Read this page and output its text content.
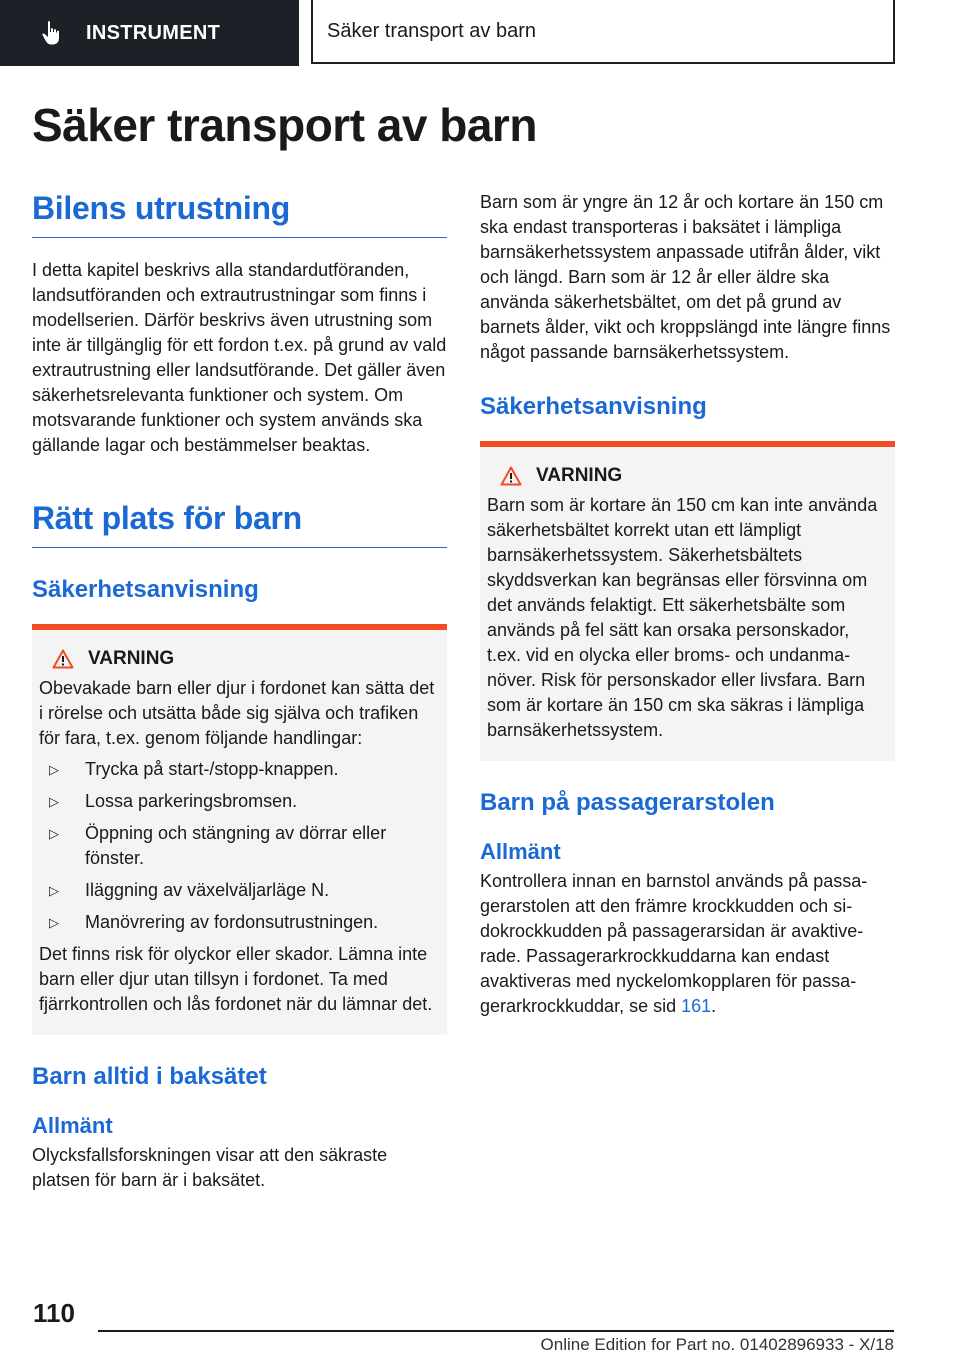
INSTRUMENT	Säker transport av barn
Säker transport av barn
Bilens utrustning

I detta kapitel beskrivs alla standardutföranden, landsutföranden och extrautrustningar som finns i modellserien. Därför beskrivs även utrustning som inte är tillgänglig för ett fordon t.ex. på grund av vald extrautrustning eller landsutförande. Det gäller även säkerhetsrelevanta funktioner och system. Om motsvarande funktioner och system används ska gällande lagar och bestämmelser beaktas.

Rätt plats för barn
Säkerhetsanvisning
VARNING

Obevakade barn eller djur i fordonet kan sätta det i rörelse och utsätta både sig själva och trafiken för fara, t.ex. genom följande handlingar:

▷	Trycka på start-/stopp-knappen.
▷	Lossa parkeringsbromsen.
▷	Öppning och stängning av dörrar eller fönster.
▷	Iläggning av växelväljarläge N.
▷	Manövrering av fordonsutrustningen.

Det finns risk för olyckor eller skador. Lämna inte barn eller djur utan tillsyn i fordonet. Ta med fjärrkontrollen och lås fordonet när du lämnar det.

Barn alltid i baksätet
Allmänt

Olycksfallsforskningen visar att den säkraste platsen för barn är i baksätet.

Barn som är yngre än 12 år och kortare än 150 cm ska endast transporteras i baksätet i lämpliga barnsäkerhetssystem anpassade utifrån ålder, vikt och längd. Barn som är 12 år eller äldre ska använda säkerhetsbältet, om det på grund av barnets ålder, vikt och kroppslängd inte längre finns något passande barnsäkerhetssystem.

Säkerhetsanvisning
VARNING

Barn som är kortare än 150 cm kan inte använda säkerhetsbältet korrekt utan ett lämpligt barnsäkerhetssystem. Säkerhetsbältets skyddsverkan kan begränsas eller försvinna om det används felaktigt. Ett säkerhetsbälte som används på fel sätt kan orsaka personskador, t.ex. vid en olycka eller broms- och undanmanöver. Risk för personskador eller livsfara. Barn som är kortare än 150 cm ska säkras i lämpliga barnsäkerhetssystem.

Barn på passagerarstolen
Allmänt

Kontrollera innan en barnstol används på passagerarstolen att den främre krockkudden och sidokrockkudden på passagerarsidan är avaktiverade. Passagerarkrockkuddarna kan endast avaktiveras med nyckelomkopplaren för passagerarkrockkuddar, se sid 161.

110
Online Edition for Part no. 01402896933 - X/18
